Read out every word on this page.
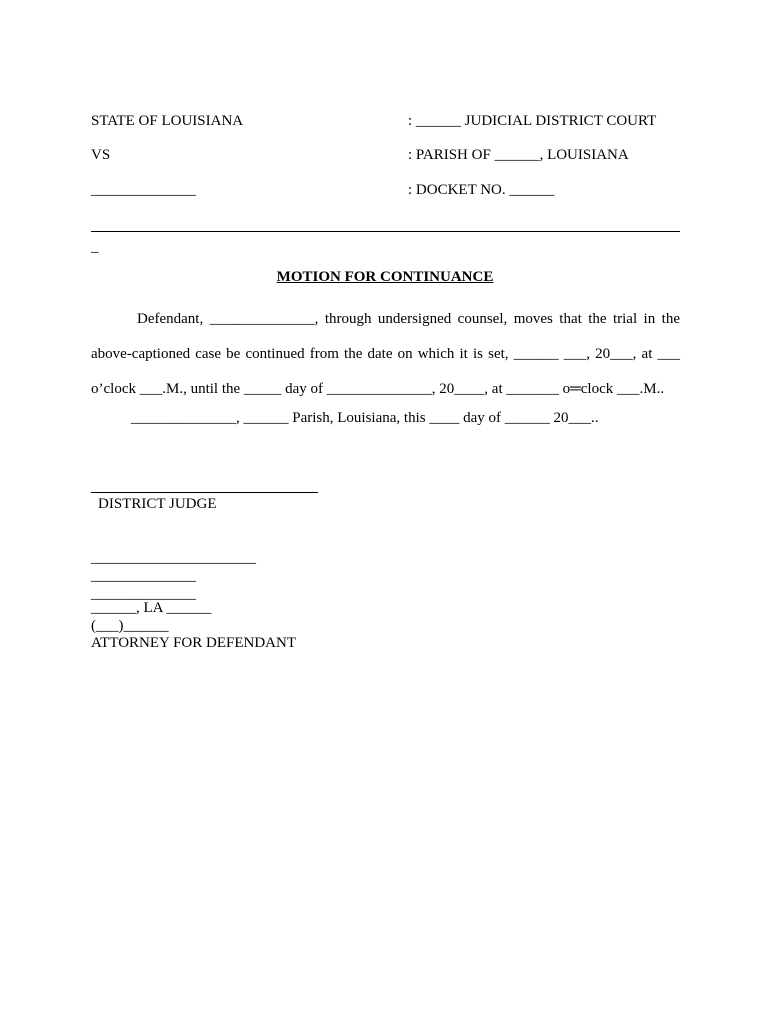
STATE OF LOUISIANA
VS
______________
: ______ JUDICIAL DISTRICT COURT
: PARISH OF ______, LOUISIANA
: DOCKET NO. ______
_
MOTION FOR CONTINUANCE

Defendant, ______________, through undersigned counsel, moves that the trial in the

above-captioned case be continued from the date on which it is set, ______ ___, 20___, at ___

o’clock ___.M., until the _____ day of ______________, 20____, at _______ o═clock ___.M..

______________, ______ Parish, Louisiana, this ____ day of ______ 20___..
DISTRICT JUDGE
______________________
______________
______________
______, LA ______
(___)______
ATTORNEY FOR DEFENDANT
